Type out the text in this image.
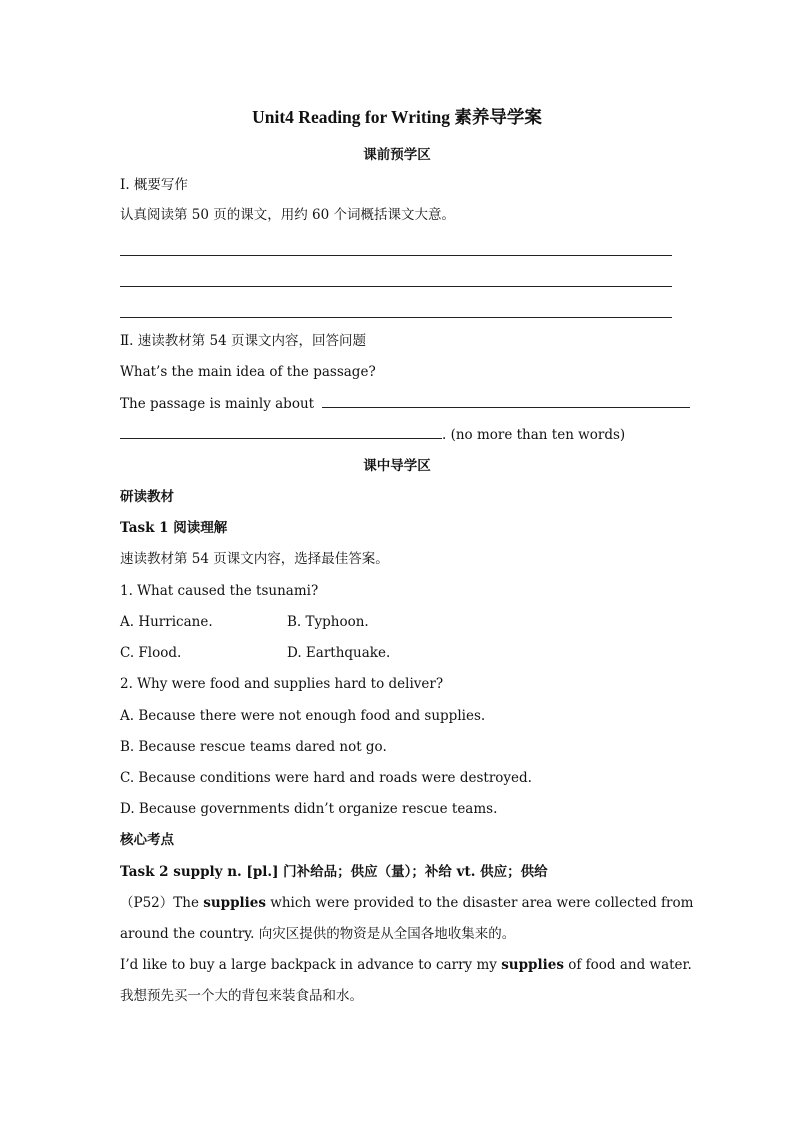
Unit4 Reading for Writing 素养导学案
课前预学区
I. 概要写作
认真阅读第 50 页的课文，用约 60 个词概括课文大意。
Ⅱ. 速读教材第 54 页课文内容，回答问题
What’s the main idea of the passage?
The passage is mainly about
. (no more than ten words)
课中导学区
研读教材
Task 1 阅读理解
速读教材第 54 页课文内容，选择最佳答案。
1. What caused the tsunami?
A. Hurricane.	B. Typhoon.
C. Flood.	D. Earthquake.
2. Why were food and supplies hard to deliver?
A. Because there were not enough food and supplies.
B. Because rescue teams dared not go.
C. Because conditions were hard and roads were destroyed.
D. Because governments didn’t organize rescue teams.
核心考点
Task 2 supply n. [pl.] 门补给品；供应（量）；补给 vt. 供应；供给
（P52）The supplies which were provided to the disaster area were collected from
around the country. 向灾区提供的物资是从全国各地收集来的。
I’d like to buy a large backpack in advance to carry my supplies of food and water.
我想预先买一个大的背包来装食品和水。
